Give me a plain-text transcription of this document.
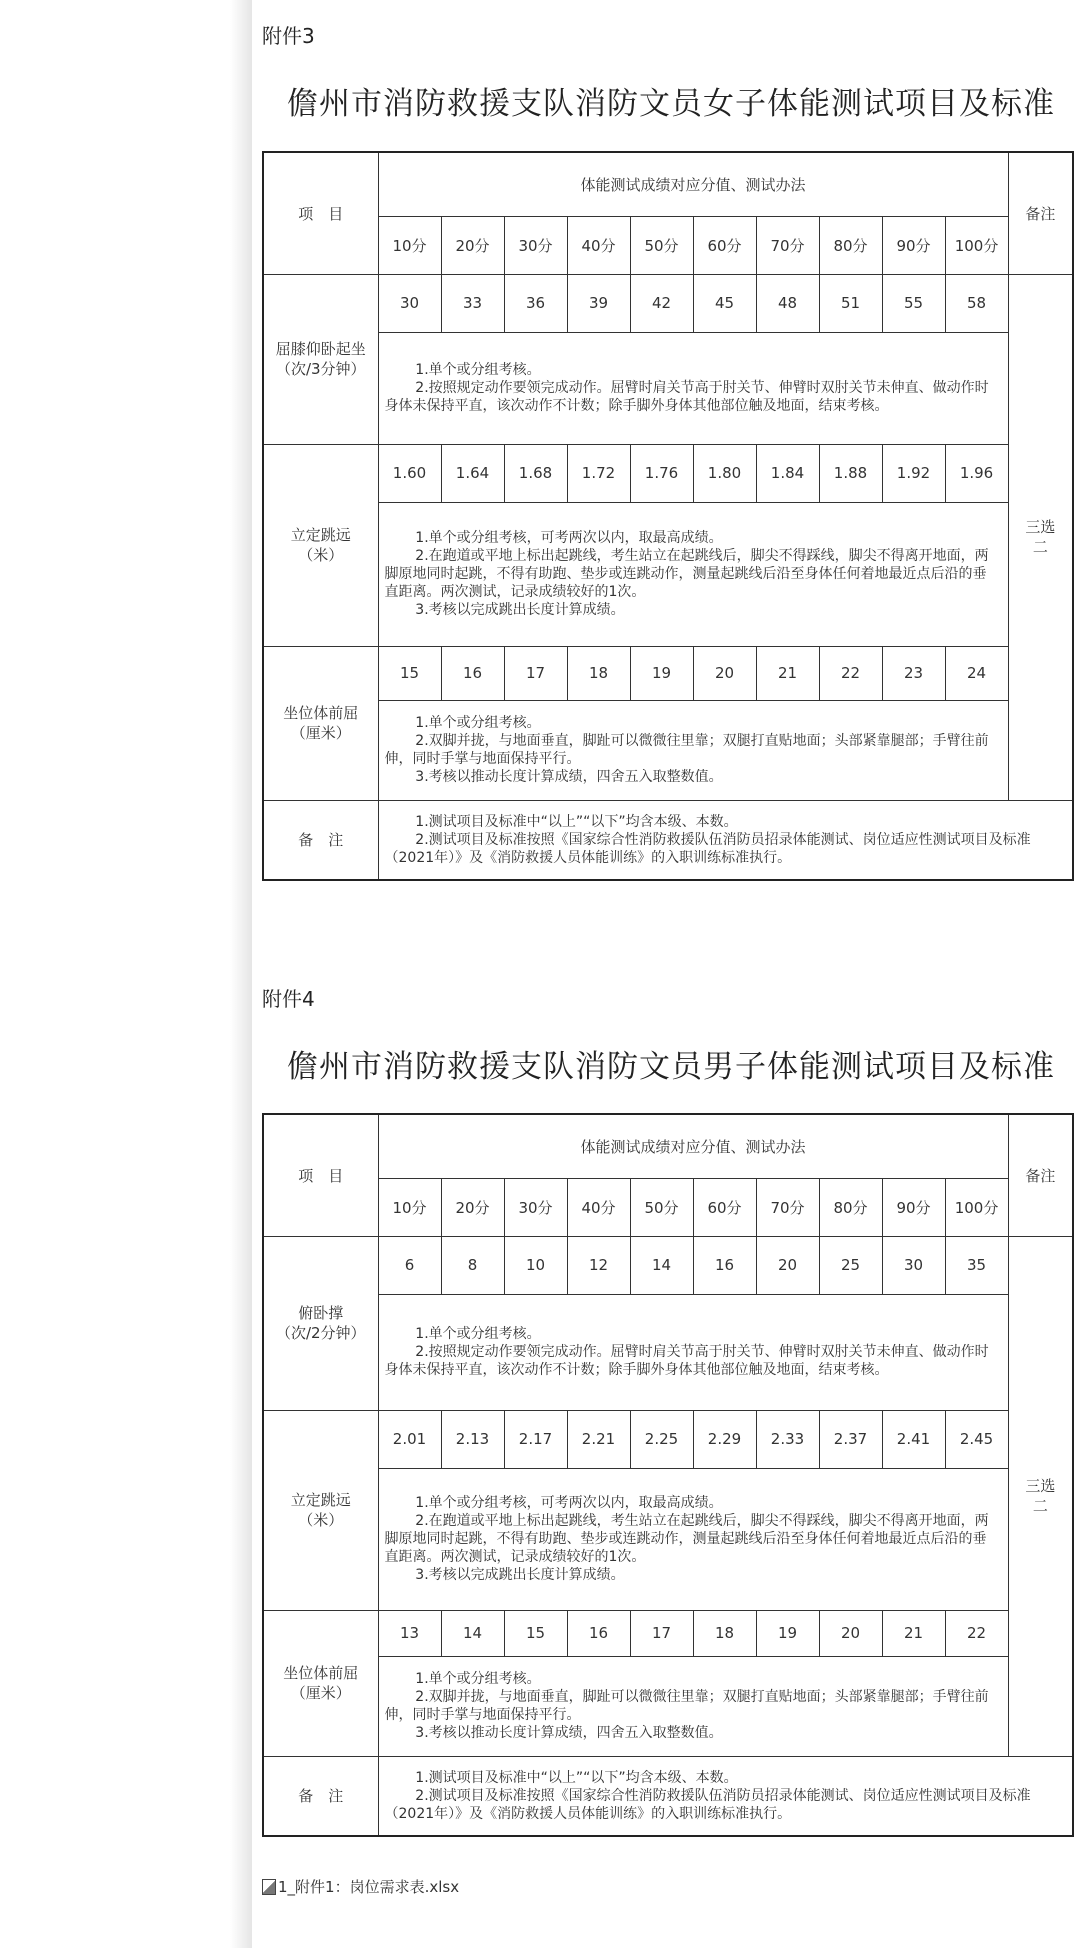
附件3
儋州市消防救援支队消防文员女子体能测试项目及标准
项　目	体能测试成绩对应分值、测试办法										备注
	10分	20分	30分	40分	50分	60分	70分	80分	90分	100分	

屈膝仰卧起坐
（次/3分钟）	30	33	36	39	42	45	48	51	55	58	三选二

	1.单个或分组考核。

2.按照规定动作要领完成动作。屈臂时肩关节高于肘关节、伸臂时双肘关节未伸直、做动作时身体未保持平直，该次动作不计数；除手脚外身体其他部位触及地面，结束考核。										

立定跳远
（米）	1.60	1.64	1.68	1.72	1.76	1.80	1.84	1.88	1.92	1.96	

	1.单个或分组考核，可考两次以内，取最高成绩。

2.在跑道或平地上标出起跳线，考生站立在起跳线后，脚尖不得踩线，脚尖不得离开地面，两脚原地同时起跳，不得有助跑、垫步或连跳动作，测量起跳线后沿至身体任何着地最近点后沿的垂直距离。两次测试，记录成绩较好的1次。

3.考核以完成跳出长度计算成绩。										

坐位体前屈
（厘米）	15	16	17	18	19	20	21	22	23	24	

	1.单个或分组考核。

2.双脚并拢，与地面垂直，脚趾可以微微往里靠；双腿打直贴地面；头部紧靠腿部；手臂往前伸，同时手掌与地面保持平行。

3.考核以推动长度计算成绩，四舍五入取整数值。										

备　注	1.测试项目及标准中“以上”“以下”均含本级、本数。

2.测试项目及标准按照《国家综合性消防救援队伍消防员招录体能测试、岗位适应性测试项目及标准（2021年）》及《消防救援人员体能训练》的入职训练标准执行。										

附件4
儋州市消防救援支队消防文员男子体能测试项目及标准
项　目	体能测试成绩对应分值、测试办法										备注
	10分	20分	30分	40分	50分	60分	70分	80分	90分	100分	

俯卧撑
（次/2分钟）	6	8	10	12	14	16	20	25	30	35	三选二

	1.单个或分组考核。

2.按照规定动作要领完成动作。屈臂时肩关节高于肘关节、伸臂时双肘关节未伸直、做动作时身体未保持平直，该次动作不计数；除手脚外身体其他部位触及地面，结束考核。										

立定跳远
（米）	2.01	2.13	2.17	2.21	2.25	2.29	2.33	2.37	2.41	2.45	

	1.单个或分组考核，可考两次以内，取最高成绩。

2.在跑道或平地上标出起跳线，考生站立在起跳线后，脚尖不得踩线，脚尖不得离开地面，两脚原地同时起跳，不得有助跑、垫步或连跳动作，测量起跳线后沿至身体任何着地最近点后沿的垂直距离。两次测试，记录成绩较好的1次。

3.考核以完成跳出长度计算成绩。										

坐位体前屈
（厘米）	13	14	15	16	17	18	19	20	21	22	

	1.单个或分组考核。

2.双脚并拢，与地面垂直，脚趾可以微微往里靠；双腿打直贴地面；头部紧靠腿部；手臂往前伸，同时手掌与地面保持平行。

3.考核以推动长度计算成绩，四舍五入取整数值。										

备　注	1.测试项目及标准中“以上”“以下”均含本级、本数。

2.测试项目及标准按照《国家综合性消防救援队伍消防员招录体能测试、岗位适应性测试项目及标准（2021年）》及《消防救援人员体能训练》的入职训练标准执行。										

1_附件1：岗位需求表.xlsx
